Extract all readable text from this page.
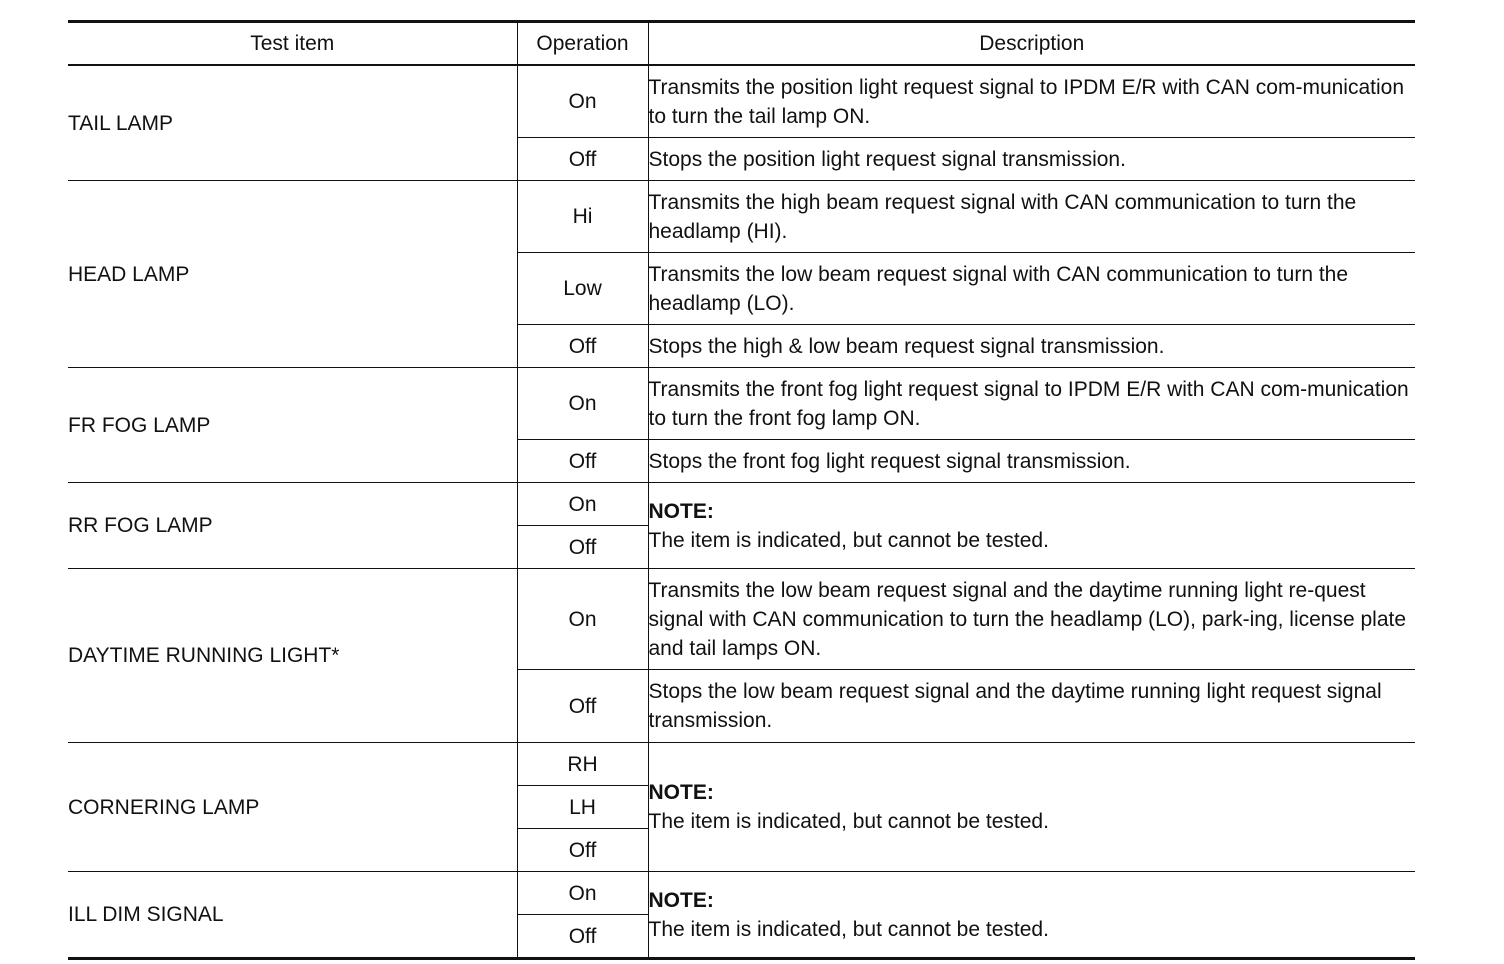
Test item	Operation	Description
TAIL LAMP	On	Transmits the position light request signal to IPDM E/R with CAN com-munication to turn the tail lamp ON.
	Off	Stops the position light request signal transmission.
HEAD LAMP	Hi	Transmits the high beam request signal with CAN communication to turn the headlamp (HI).
	Low	Transmits the low beam request signal with CAN communication to turn the headlamp (LO).
	Off	Stops the high & low beam request signal transmission.
FR FOG LAMP	On	Transmits the front fog light request signal to IPDM E/R with CAN com-munication to turn the front fog lamp ON.
	Off	Stops the front fog light request signal transmission.
RR FOG LAMP	On	NOTE:
The item is indicated, but cannot be tested.

	Off	
DAYTIME RUNNING LIGHT*	On	Transmits the low beam request signal and the daytime running light re-quest signal with CAN communication to turn the headlamp (LO), park-ing, license plate and tail lamps ON.
	Off	Stops the low beam request signal and the daytime running light request signal transmission.
CORNERING LAMP	RH	NOTE:
The item is indicated, but cannot be tested.

	LH	
	Off	
ILL DIM SIGNAL	On	NOTE:
The item is indicated, but cannot be tested.

	Off	
